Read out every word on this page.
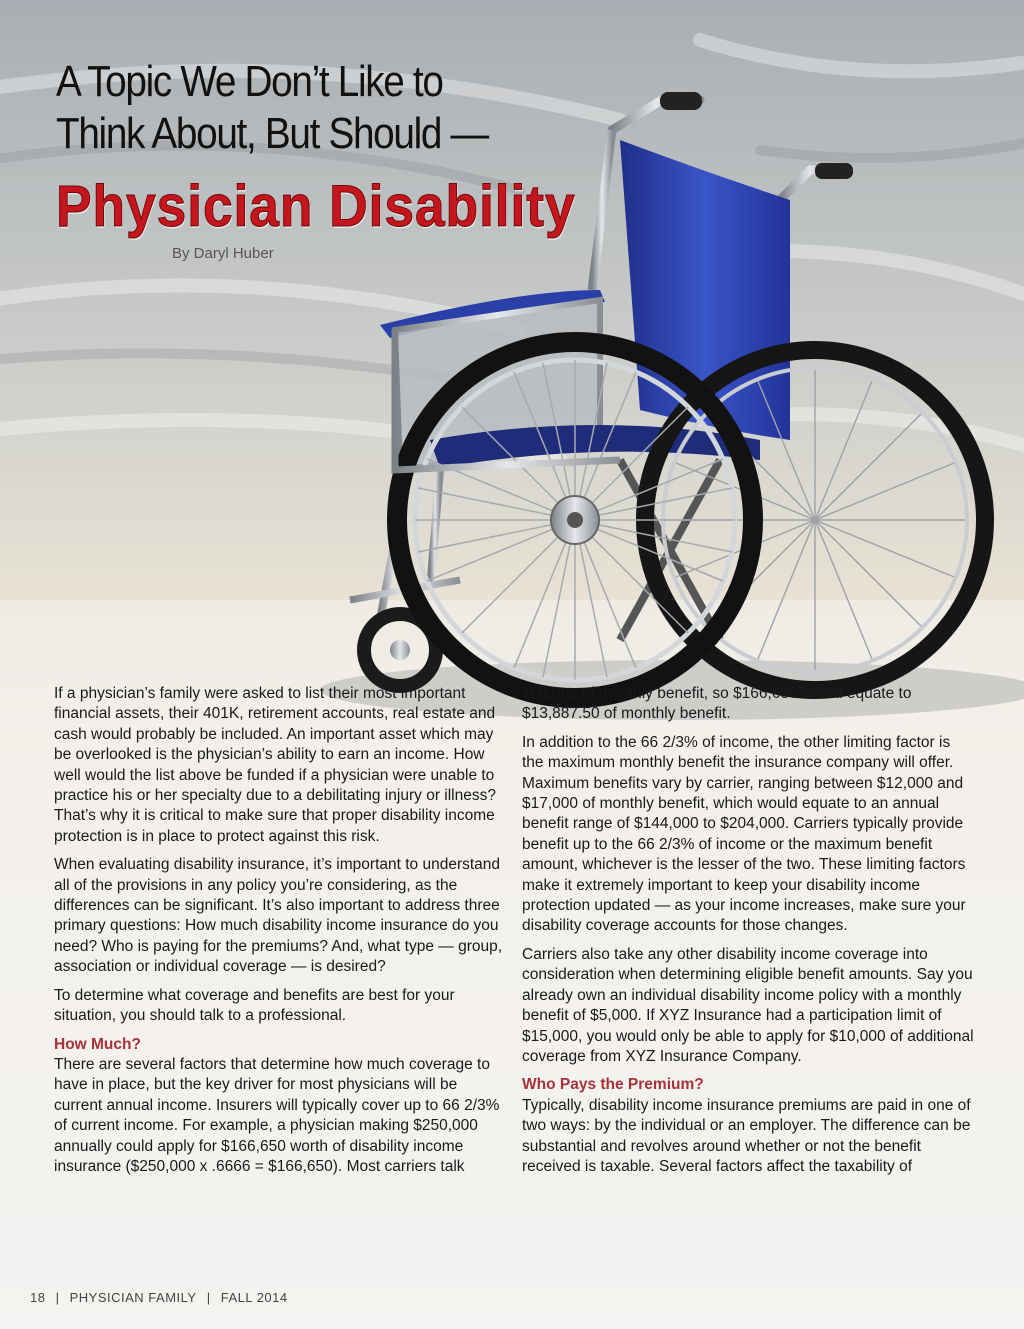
A Topic We Don’t Like to
Think About, But Should —
Physician Disability
By Daryl Huber

If a physician’s family were asked to list their most important financial assets, their 401K, retirement accounts, real estate and cash would probably be included. An important asset which may be overlooked is the physician’s ability to earn an income. How well would the list above be funded if a physician were unable to practice his or her specialty due to a debilitating injury or illness? That’s why it is critical to make sure that proper disability income protection is in place to protect against this risk.

When evaluating disability insurance, it’s important to understand all of the provisions in any policy you’re considering, as the differences can be significant. It’s also important to address three primary questions: How much disability income insurance do you need? Who is paying for the premiums? And, what type — group, association or individual coverage — is desired?

To determine what coverage and benefits are best for your situation, you should talk to a professional.

How Much?

There are several factors that determine how much coverage to have in place, but the key driver for most physicians will be current annual income. Insurers will typically cover up to 66 2/3% of current income. For example, a physician making $250,000 annually could apply for $166,650 worth of disability income insurance ($250,000 x .6666 = $166,650). Most carriers talk

in terms of monthly benefit, so $166,650 would equate to $13,887.50 of monthly benefit.

In addition to the 66 2/3% of income, the other limiting factor is the maximum monthly benefit the insurance company will offer. Maximum benefits vary by carrier, ranging between $12,000 and $17,000 of monthly benefit, which would equate to an annual benefit range of $144,000 to $204,000. Carriers typically provide benefit up to the 66 2/3% of income or the maximum benefit amount, whichever is the lesser of the two. These limiting factors make it extremely important to keep your disability income protection updated — as your income increases, make sure your disability coverage accounts for those changes.

Carriers also take any other disability income coverage into consideration when determining eligible benefit amounts. Say you already own an individual disability income policy with a monthly benefit of $5,000. If XYZ Insurance had a participation limit of $15,000, you would only be able to apply for $10,000 of additional coverage from XYZ Insurance Company.

Who Pays the Premium?

Typically, disability income insurance premiums are paid in one of two ways: by the individual or an employer. The difference can be substantial and revolves around whether or not the benefit received is taxable. Several factors affect the taxability of

18 | PHYSICIAN FAMILY | FALL 2014
